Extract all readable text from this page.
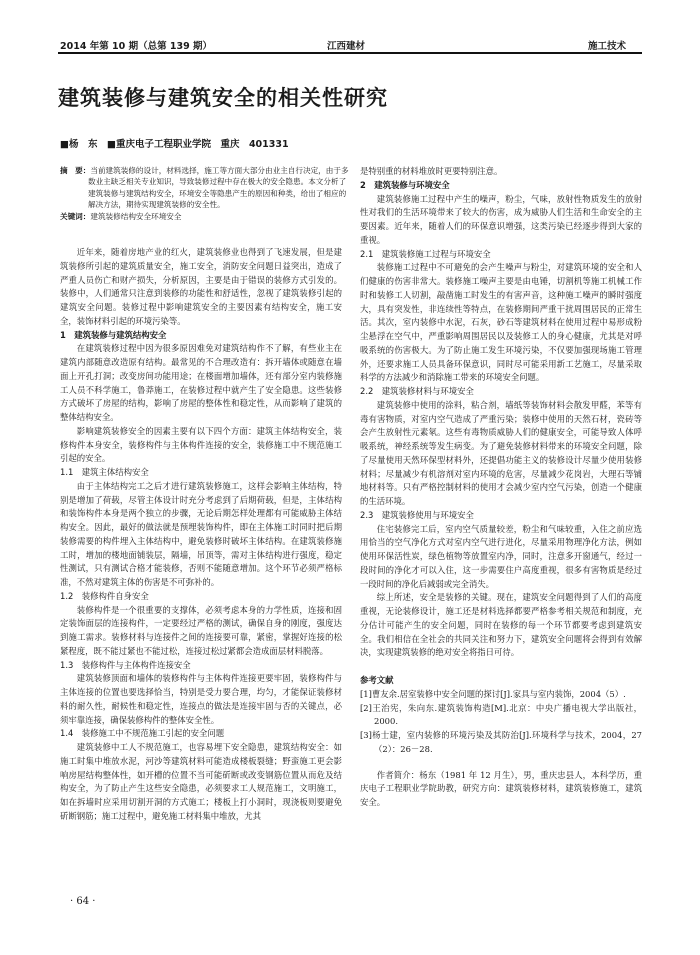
2014 年第 10 期（总第 139 期）	江西建材	施工技术
建筑装修与建筑安全的相关性研究
■杨　东　■重庆电子工程职业学院　重庆　401331

摘　要：当前建筑装修的设计，材料选择，施工等方面大部分由业主自行决定，由于多数业主缺乏相关专业知识，导致装修过程中存在极大的安全隐患。本文分析了建筑装修与建筑结构安全，环境安全等隐患产生的原因和种类，给出了相应的解决方法，期待实现建筑装修的安全性。

关键词：建筑装修结构安全环境安全

近年来，随着房地产业的红火，建筑装修业也得到了飞速发展，但是建筑装修所引起的建筑质量安全，施工安全，消防安全问题日益突出，造成了严重人员伤亡和财产损失，分析原因，主要是由于错误的装修方式引发的。装修中，人们通常只注意到装修的功能性和舒适性，忽视了建筑装修引起的建筑安全问题。装修过程中影响建筑安全的主要因素有结构安全，施工安全，装饰材料引起的环境污染等。

1　建筑装修与建筑结构安全

在建筑装修过程中因为很多原因难免对建筑结构作不了解，有些业主在建筑内部随意改造原有结构。最常见的不合理改造有：拆开墙体或随意在墙面上开孔打洞；改变房间功能用途；在楼面增加墙体，还有部分室内装修施工人员不科学施工，鲁莽施工，在装修过程中就产生了安全隐患。这些装修方式破坏了房屋的结构，影响了房屋的整体性和稳定性，从而影响了建筑的整体结构安全。

影响建筑装修安全的因素主要有以下四个方面：建筑主体结构安全，装修构件本身安全，装修构件与主体构件连接的安全，装修施工中不规范施工引起的安全。

1.1　建筑主体结构安全

由于主体结构完工之后才进行建筑装修施工，这样会影响主体结构，特别是增加了荷载，尽管主体设计时充分考虑到了后期荷载，但是，主体结构和装饰构件本身是两个独立的步骤，无论后期怎样处理都有可能威胁主体结构安全。因此，最好的做法就是预埋装饰构件，即在主体施工时同时把后期装修需要的构件埋入主体结构中，避免装修时破坏主体结构。在建筑装修施工时，增加的楼地面铺装层，隔墙，吊顶等，需对主体结构进行强度，稳定性测试，只有测试合格才能装修，否则不能随意增加。这个环节必须严格标准，不然对建筑主体的伤害是不可弥补的。

1.2　装修构件自身安全

装修构件是一个很重要的支撑体，必须考虑本身的力学性质，连接和固定装饰面层的连接构件，一定要经过严格的测试，确保自身的刚度，强度达到施工需求。装修材料与连接件之间的连接要可靠，紧密，掌握好连接的松紧程度，既不能过紧也不能过松，连接过松过紧都会造成面层材料脱落。

1.3　装修构件与主体构件连接安全

建筑装修顶面和墙体的装修构件与主体构件连接更要牢固，装修构件与主体连接的位置也要选择恰当，特别是受力要合理，均匀，才能保证装修材料的耐久性，耐候性和稳定性，连接点的做法是连接牢固与否的关键点，必须牢靠连接，确保装修构件的整体安全性。

1.4　装修施工中不规范施工引起的安全问题

建筑装修中工人不规范施工，也容易埋下安全隐患，建筑结构安全：如施工时集中堆放水泥，河沙等建筑材料可能造成楼板裂缝；野蛮施工更会影响房屋结构整体性，如开槽的位置不当可能斫断或改变钢筋位置从而危及结构安全，为了防止产生这些安全隐患，必须要求工人规范施工，文明施工，如在拆墙时应采用切割开洞的方式施工；楼板上打小洞时，现浇板则要避免斫断钢筋；施工过程中，避免施工材料集中堆放，尤其

是特别重的材料堆放时更要特别注意。

2　建筑装修与环境安全

建筑装修施工过程中产生的噪声，粉尘，气味，放射性物质发生的放射性对我们的生活环境带来了较大的伤害，成为威胁人们生活和生命安全的主要因素。近年来，随着人们的环保意识增强，这类污染已经逐步得到大家的重视。

2.1　建筑装修施工过程与环境安全

装修施工过程中不可避免的会产生噪声与粉尘，对建筑环境的安全和人们健康的伤害非常大。装修施工噪声主要是由电锤，切割机等施工机械工作时和装修工人切割，敲凿施工时发生的有害声音，这种施工噪声的瞬时强度大，具有突发性，非连续性等特点，在装修期间严重干扰周围居民的正常生活。其次，室内装修中水泥，石灰，砂石等建筑材料在使用过程中易形成粉尘悬浮在空气中，严重影响周围居民以及装修工人的身心健康，尤其是对呼吸系统的伤害极大。为了防止施工发生环境污染，不仅要加强现场施工管理外，还要求施工人员具备环保意识，同时尽可能采用新工艺施工，尽量采取科学的方法减少和消除施工带来的环境安全问题。

2.2　建筑装修材料与环境安全

建筑装修中使用的涂料，粘合剂，墙纸等装饰材料会散发甲醛，苯等有毒有害物质，对室内空气造成了严重污染；装修中使用的天然石材，瓷砖等会产生放射性元素氡。这些有毒物质威胁人们的健康安全，可能导致人体呼吸系统，神经系统等发生病变。为了避免装修材料带来的环境安全问题，除了尽量使用天然环保型材料外，还提倡功能主义的装修设计尽量少使用装修材料；尽量减少有机溶剂对室内环境的危害，尽量减少花岗岩，大理石等铺地材料等。只有严格控制材料的使用才会减少室内空气污染，创造一个健康的生活环境。

2.3　建筑装修使用与环境安全

住宅装修完工后，室内空气质量较差，粉尘和气味较重，入住之前应选用恰当的空气净化方式对室内空气进行进化，尽量采用物理净化方法，例如使用环保活性炭，绿色植物等放置室内净，同时，注意多开窗通气，经过一段时间的净化才可以入住，这一步需要住户高度重视，很多有害物质是经过一段时间的净化后减弱或完全消失。

综上所述，安全是装修的关键。现在，建筑安全问题得到了人们的高度重视，无论装修设计，施工还是材料选择都要严格参考相关规范和制度，充分估计可能产生的安全问题，同时在装修的每一个环节都要考虑到建筑安全。我们相信在全社会的共同关注和努力下，建筑安全问题将会得到有效解决，实现建筑装修的绝对安全将指日可待。

参考文献

[1]曹友余.居室装修中安全问题的探讨[J].家具与室内装饰，2004（5）.

[2]王治宪，朱向东.建筑装饰构造[M].北京：中央广播电视大学出版社，2000.

[3]杨士建，室内装修的环境污染及其防治[J].环境科学与技术，2004，27（2）：26－28.

作者简介：杨东（1981 年 12 月生），男，重庆忠县人，本科学历，重庆电子工程职业学院助教，研究方向：建筑装修材料，建筑装修施工，建筑安全。

· 64 ·
